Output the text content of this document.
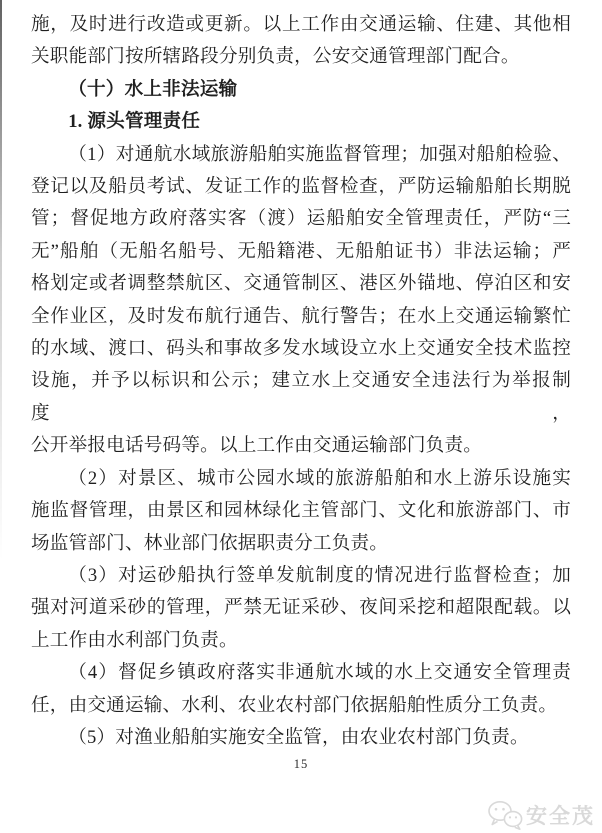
施，及时进行改造或更新。以上工作由交通运输、住建、其他相
关职能部门按所辖路段分别负责，公安交通管理部门配合。
（十）水上非法运输
1. 源头管理责任
（1）对通航水域旅游船舶实施监督管理；加强对船舶检验、
登记以及船员考试、发证工作的监督检查，严防运输船舶长期脱
管；督促地方政府落实客（渡）运船舶安全管理责任，严防“三
无”船舶（无船名船号、无船籍港、无船舶证书）非法运输；严
格划定或者调整禁航区、交通管制区、港区外锚地、停泊区和安
全作业区，及时发布航行通告、航行警告；在水上交通运输繁忙
的水域、渡口、码头和事故多发水域设立水上交通安全技术监控
设施，并予以标识和公示；建立水上交通安全违法行为举报制度，
公开举报电话号码等。以上工作由交通运输部门负责。
（2）对景区、城市公园水域的旅游船舶和水上游乐设施实
施监督管理，由景区和园林绿化主管部门、文化和旅游部门、市
场监管部门、林业部门依据职责分工负责。
（3）对运砂船执行签单发航制度的情况进行监督检查；加
强对河道采砂的管理，严禁无证采砂、夜间采挖和超限配载。以
上工作由水利部门负责。
（4）督促乡镇政府落实非通航水域的水上交通安全管理责
任，由交通运输、水利、农业农村部门依据船舶性质分工负责。
（5）对渔业船舶实施安全监管，由农业农村部门负责。
15
安全茂
